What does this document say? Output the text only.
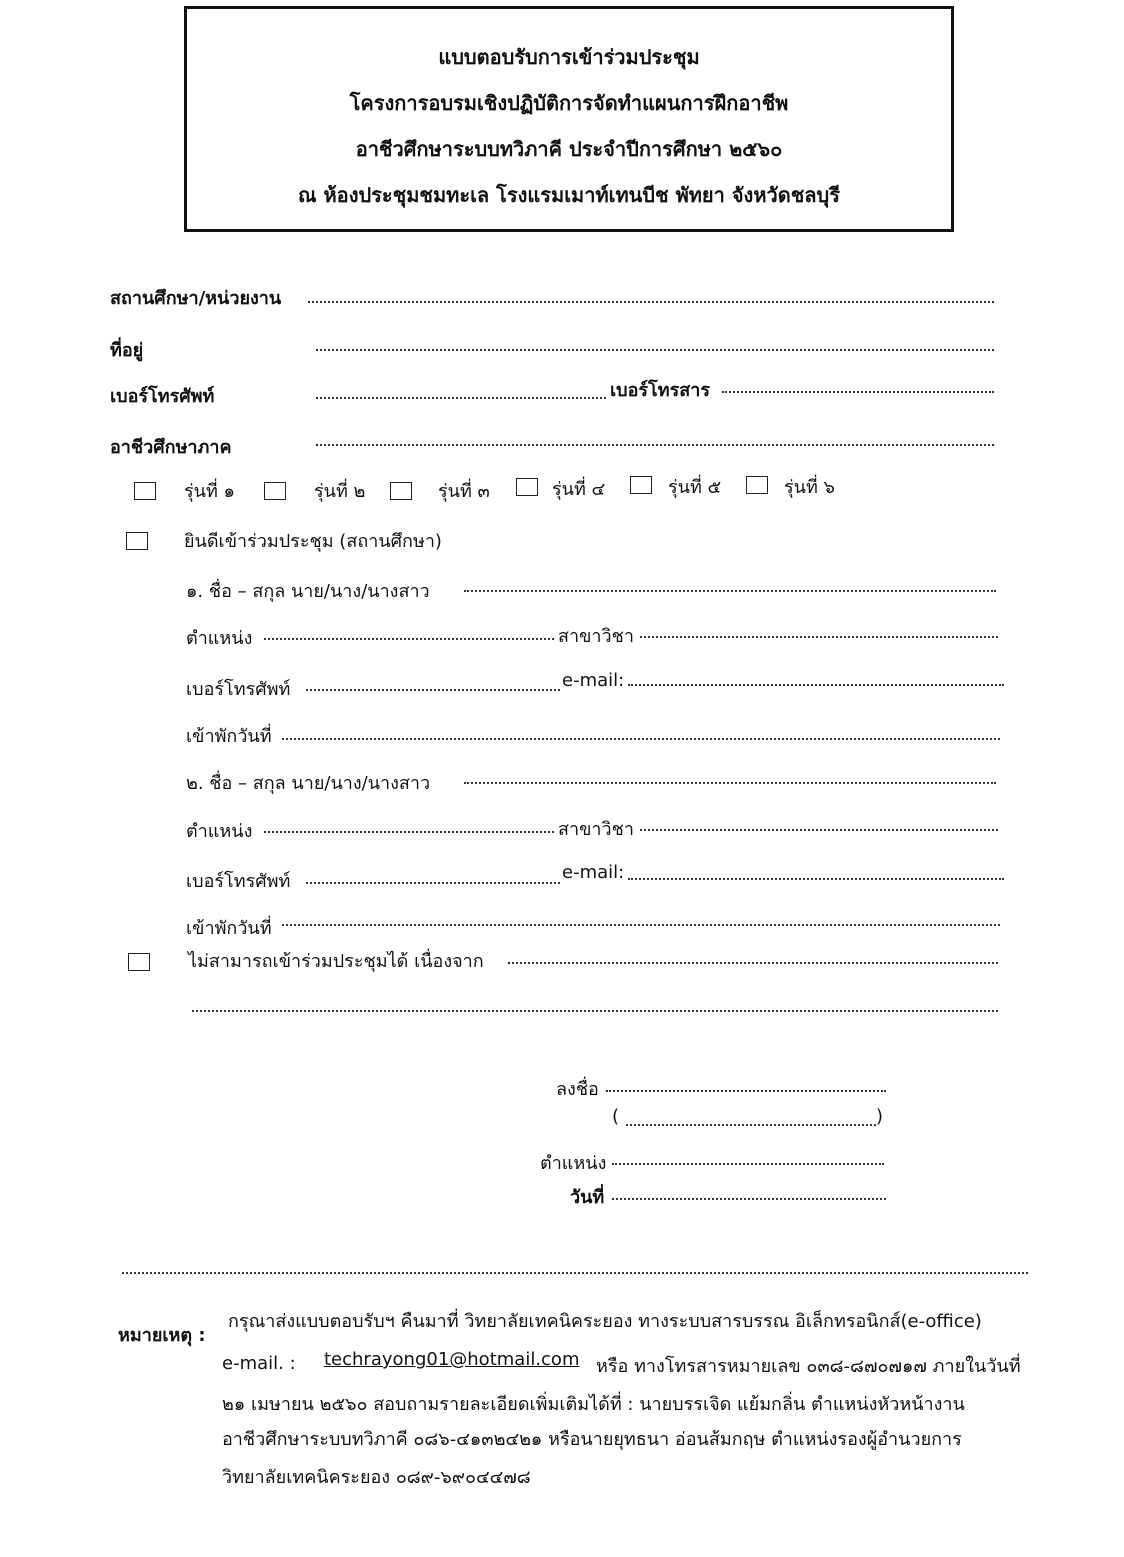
แบบตอบรับการเข้าร่วมประชุม
โครงการอบรมเชิงปฏิบัติการจัดทำแผนการฝึกอาชีพ
อาชีวศึกษาระบบทวิภาคี ประจำปีการศึกษา ๒๕๖๐
ณ ห้องประชุมชมทะเล โรงแรมเมาท์เทนบีช พัทยา จังหวัดชลบุรี
สถานศึกษา/หน่วยงาน
ที่อยู่
เบอร์โทรศัพท์	เบอร์โทรสาร
อาชีวศึกษาภาค
รุ่นที่ ๑	รุ่นที่ ๒	รุ่นที่ ๓	รุ่นที่ ๔	รุ่นที่ ๕	รุ่นที่ ๖
ยินดีเข้าร่วมประชุม (สถานศึกษา)
๑. ชื่อ – สกุล นาย/นาง/นางสาว
ตำแหน่ง	สาขาวิชา
เบอร์โทรศัพท์	e-mail:
เข้าพักวันที่
๒. ชื่อ – สกุล นาย/นาง/นางสาว
ตำแหน่ง	สาขาวิชา
เบอร์โทรศัพท์	e-mail:
เข้าพักวันที่
ไม่สามารถเข้าร่วมประชุมได้ เนื่องจาก
ลงชื่อ
(	)
ตำแหน่ง
วันที่
หมายเหตุ :
กรุณาส่งแบบตอบรับฯ คืนมาที่ วิทยาลัยเทคนิคระยอง ทางระบบสารบรรณ อิเล็กทรอนิกส์(e-office)
e-mail. : techrayong01@hotmail.com หรือ ทางโทรสารหมายเลข ๐๓๘-๘๗๐๗๑๗ ภายในวันที่
๒๑ เมษายน ๒๕๖๐ สอบถามรายละเอียดเพิ่มเติมได้ที่ : นายบรรเจิด แย้มกลิ่น ตำแหน่งหัวหน้างาน
อาชีวศึกษาระบบทวิภาคี ๐๘๖-๔๑๓๒๔๒๑ หรือนายยุทธนา อ่อนส้มกฤษ ตำแหน่งรองผู้อำนวยการ
วิทยาลัยเทคนิคระยอง ๐๘๙-๖๙๐๔๔๗๘
